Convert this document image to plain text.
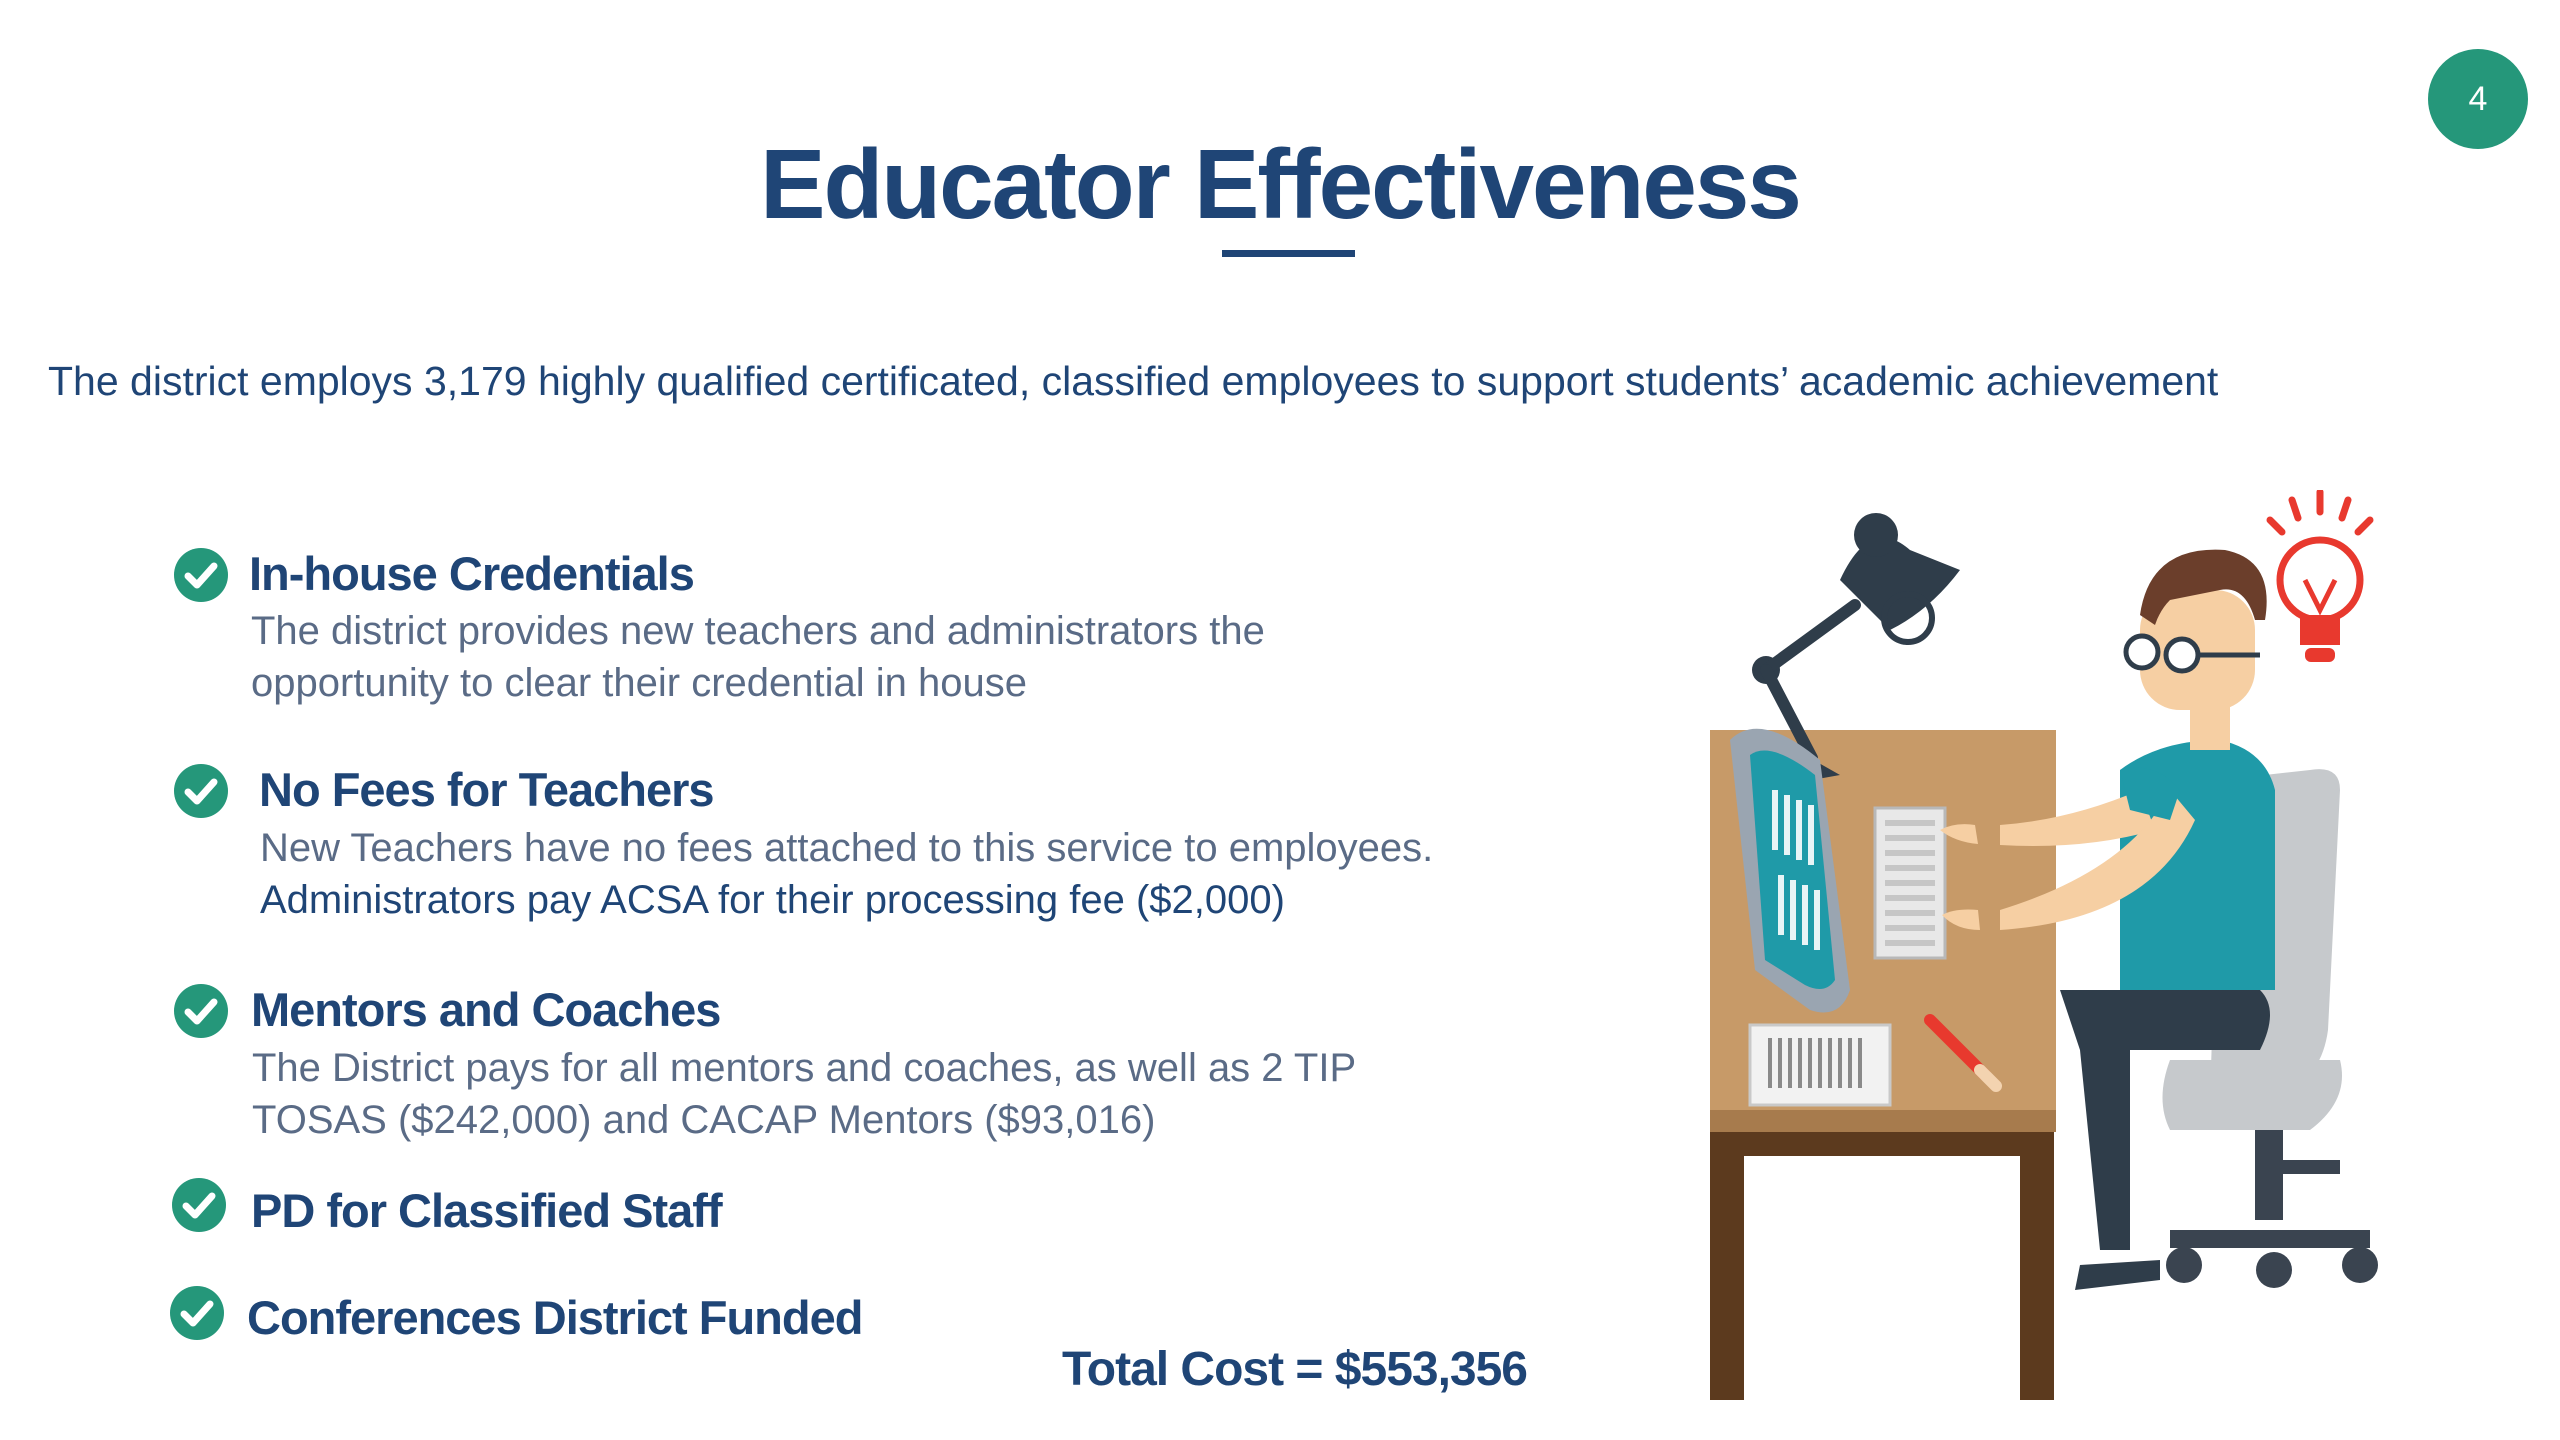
4
Educator Effectiveness
The district employs 3,179 highly qualified certificated, classified employees to support students’ academic achievement
In-house Credentials
The district provides new teachers and administrators the
opportunity to clear their credential in house
No Fees for Teachers
New Teachers have no fees attached to this service to employees.
Administrators pay ACSA for their processing fee ($2,000)
Mentors and Coaches
The District pays for all mentors and coaches, as well as 2 TIP
TOSAS ($242,000) and CACAP Mentors ($93,016)
PD for Classified Staff
Conferences District Funded
Total Cost = $553,356
